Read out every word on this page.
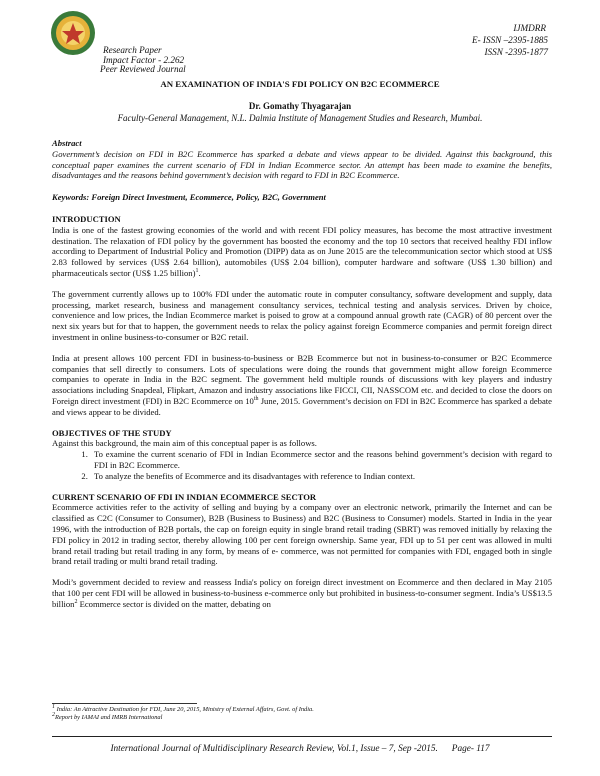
Research Paper
Impact Factor - 2.262
Peer Reviewed Journal
IJMDRR
E- ISSN –2395-1885
ISSN -2395-1877
AN EXAMINATION OF INDIA'S FDI POLICY ON B2C ECOMMERCE
Dr. Gomathy Thyagarajan
Faculty-General Management, N.L. Dalmia Institute of Management Studies and Research, Mumbai.

Abstract

Government’s decision on FDI in B2C Ecommerce has sparked a debate and views appear to be divided. Against this background, this conceptual paper examines the current scenario of FDI in Indian Ecommerce sector. An attempt has been made to examine the benefits, disadvantages and the reasons behind government’s decision with regard to FDI in B2C Ecommerce.

Keywords: Foreign Direct Investment, Ecommerce, Policy, B2C, Government

INTRODUCTION

India is one of the fastest growing economies of the world and with recent FDI policy measures, has become the most attractive investment destination. The relaxation of FDI policy by the government has boosted the economy and the top 10 sectors that received healthy FDI inflow according to Department of Industrial Policy and Promotion (DIPP) data as on June 2015 are the telecommunication sector which stood at US$ 2.83 followed by services (US$ 2.64 billion), automobiles (US$ 2.04 billion), computer hardware and software (US$ 1.30 billion) and pharmaceuticals sector (US$ 1.25 billion)$^1$.

The government currently allows up to 100% FDI under the automatic route in computer consultancy, software development and supply, data processing, market research, business and management consultancy services, technical testing and analysis services. Driven by choice, convenience and low prices, the Indian Ecommerce market is poised to grow at a compound annual growth rate (CAGR) of 80 percent over the next six years but for that to happen, the government needs to relax the policy against foreign Ecommerce companies and permit foreign direct investment in online business-to-consumer or B2C retail.

India at present allows 100 percent FDI in business-to-business or B2B Ecommerce but not in business-to-consumer or B2C Ecommerce companies that sell directly to consumers. Lots of speculations were doing the rounds that government might allow foreign Ecommerce companies to operate in India in the B2C segment. The government held multiple rounds of discussions with key players and industry associations including Snapdeal, Flipkart, Amazon and industry associations like FICCI, CII, NASSCOM etc. and decided to close the doors on Foreign direct investment (FDI) in B2C Ecommerce on 10th June, 2015. Government’s decision on FDI in B2C Ecommerce has sparked a debate and views appear to be divided.

OBJECTIVES OF THE STUDY

Against this background, the main aim of this conceptual paper is as follows.

1. To examine the current scenario of FDI in Indian Ecommerce sector and the reasons behind government’s decision with regard to FDI in B2C Ecommerce.
2. To analyze the benefits of Ecommerce and its disadvantages with reference to Indian context.
CURRENT SCENARIO OF FDI IN INDIAN ECOMMERCE SECTOR

Ecommerce activities refer to the activity of selling and buying by a company over an electronic network, primarily the Internet and can be classified as C2C (Consumer to Consumer), B2B (Business to Business) and B2C (Business to Consumer) models. Started in India in the year 1996, with the introduction of B2B portals, the cap on foreign equity in single brand retail trading (SBRT) was removed initially by relaxing the FDI policy in 2012 in trading sector, thereby allowing 100 per cent foreign ownership. Same year, FDI up to 51 per cent was allowed in multi brand retail trading but retail trading in any form, by means of e- commerce, was not permitted for companies with FDI, engaged both in single brand retail trading or multi brand retail trading.

Modi’s government decided to review and reassess India's policy on foreign direct investment on Ecommerce and then declared in May 2105 that 100 per cent FDI will be allowed in business-to-business e-commerce only but prohibited in business-to-consumer segment. India’s US$13.5 billion$^2$ Ecommerce sector is divided on the matter, debating on

$^1$ India: An Attractive Destination for FDI, June 20, 2015, Ministry of External Affairs, Govt. of India.
$^2$Report by IAMAI and IMRB International
International Journal of Multidisciplinary Research Review, Vol.1, Issue – 7, Sep -2015.      Page- 117
